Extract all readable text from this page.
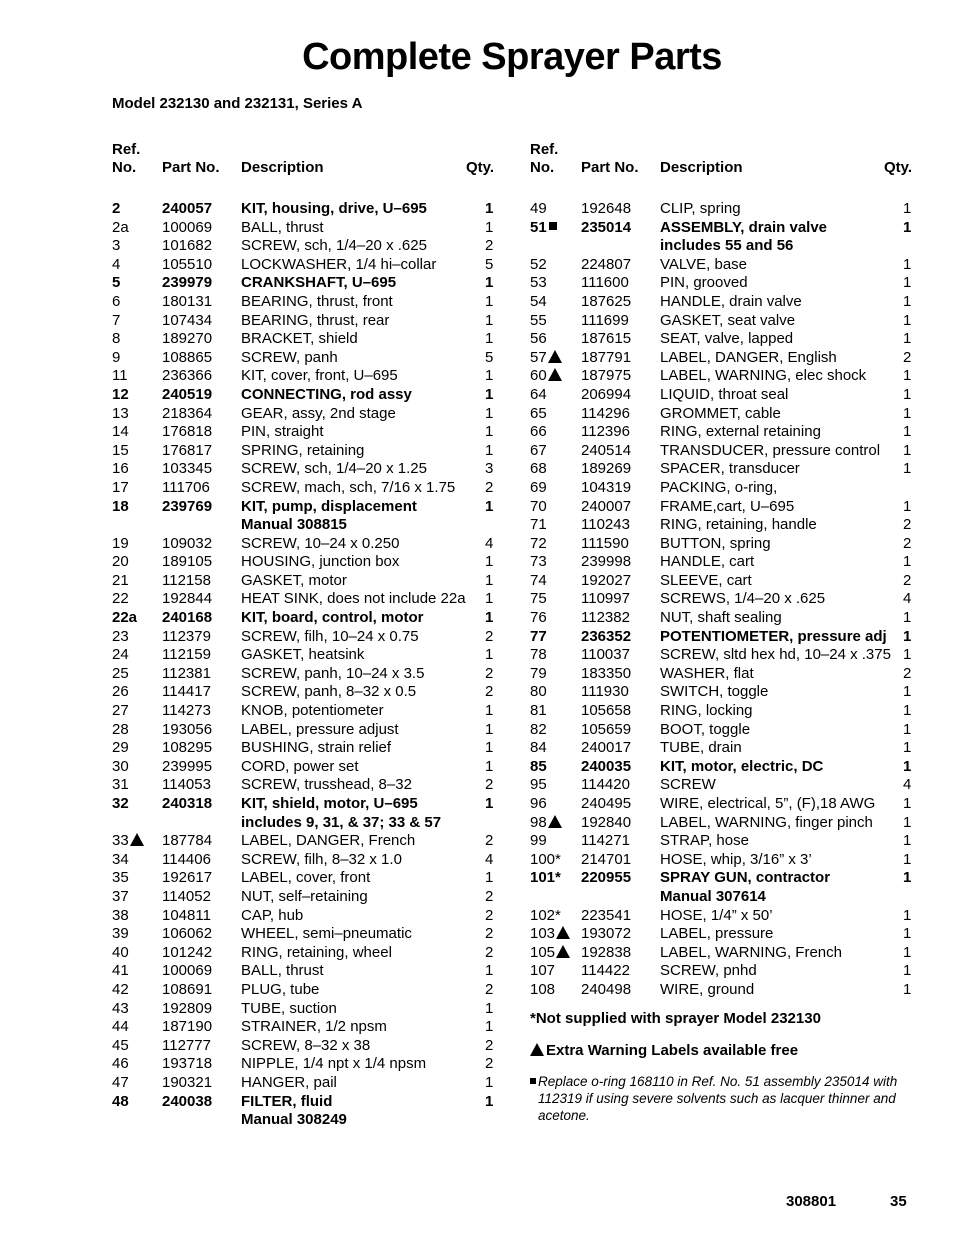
Complete Sprayer Parts
Model 232130 and 232131, Series A
Ref.
No. Part No. Description	Qty.
2	240057 KIT, housing, drive, U–695	1
2a 100069 BALL, thrust	1
3	101682 SCREW, sch, 1/4–20 x .625	2
4	105510 LOCKWASHER, 1/4 hi–collar	5
5	239979 CRANKSHAFT, U–695	1
6	180131 BEARING, thrust, front	1
7	107434 BEARING, thrust, rear	1
8	189270 BRACKET, shield	1
9	108865 SCREW, panh	5
11 236366 KIT, cover, front, U–695	1
12 240519 CONNECTING, rod assy	1
13 218364 GEAR, assy, 2nd stage	1
14 176818 PIN, straight	1
15 176817 SPRING, retaining	1
16 103345 SCREW, sch, 1/4–20 x 1.25	3
17 111706 SCREW, mach, sch, 7/16 x 1.75 2
18 239769 KIT, pump, displacement
Manual 308815
1
19 109032 SCREW, 10–24 x 0.250	4
20 189105 HOUSING, junction box	1
21 112158 GASKET, motor	1
22 192844 HEAT SINK, does not include 22a 1
22a 240168 KIT, board, control, motor	1
23 112379 SCREW, filh, 10–24 x 0.75	2
24 112159 GASKET, heatsink	1
25 112381 SCREW, panh, 10–24 x 3.5	2
26 114417 SCREW, panh, 8–32 x 0.5	2
27 114273 KNOB, potentiometer	1
28 193056 LABEL, pressure adjust	1
29 108295 BUSHING, strain relief	1
30 239995 CORD, power set	1
31 114053 SCREW, trusshead, 8–32	2
32 240318 KIT, shield, motor, U–695
includes 9, 31, & 37; 33 & 57
1
33	187784 LABEL, DANGER, French	2
34 114406 SCREW, filh, 8–32 x 1.0	4
35 192617 LABEL, cover, front	1
37 114052 NUT, self–retaining	2
38 104811 CAP, hub	2
39 106062 WHEEL, semi–pneumatic	2
40 101242 RING, retaining, wheel	2
41 100069 BALL, thrust	1
42 108691 PLUG, tube	2
43 192809 TUBE, suction	1
44 187190 STRAINER, 1/2 npsm	1
45 112777 SCREW, 8–32 x 38	2
46 193718 NIPPLE, 1/4 npt x 1/4 npsm	2
47 190321 HANGER, pail	1
48 240038 FILTER, fluid
Manual 308249
1
Ref.
No. Part No. Description	Qty.
49 192648 CLIP, spring	1
51	235014 ASSEMBLY, drain valve
includes 55 and 56
1
52 224807 VALVE, base	1
53 111600 PIN, grooved	1
54 187625 HANDLE, drain valve	1
55 111699 GASKET, seat valve	1
56 187615 SEAT, valve, lapped	1
57	187791 LABEL, DANGER, English	2
60	187975 LABEL, WARNING, elec shock 1
64 206994 LIQUID, throat seal	1
65 114296 GROMMET, cable	1
66 112396 RING, external retaining	1
67 240514 TRANSDUCER, pressure control 1
68 189269 SPACER, transducer	1
69 104319 PACKING, o-ring,
70 240007 FRAME,cart, U–695	1
71 110243 RING, retaining, handle	2
72 111590 BUTTON, spring	2
73 239998 HANDLE, cart	1
74 192027 SLEEVE, cart	2
75 110997 SCREWS, 1/4–20 x .625	4
76 112382 NUT, shaft sealing	1
77 236352 POTENTIOMETER, pressure adj 1
78 110037 SCREW, sltd hex hd, 10–24 x .375 1
79 183350 WASHER, flat	2
80 111930 SWITCH, toggle	1
81 105658 RING, locking	1
82 105659 BOOT, toggle	1
84 240017 TUBE, drain	1
85 240035 KIT, motor, electric, DC	1
95 114420 SCREW	4
96 240495 WIRE, electrical, 5”, (F),18 AWG 1
98	192840 LABEL, WARNING, finger pinch 1
99 114271 STRAP, hose	1
100* 214701 HOSE, whip, 3/16” x 3’	1
101* 220955 SPRAY GUN, contractor
Manual 307614
1
102* 223541 HOSE, 1/4” x 50’	1
103	193072 LABEL, pressure	1
105	192838 LABEL, WARNING, French	1
107 114422 SCREW, pnhd	1
108 240498 WIRE, ground	1
*Not supplied with sprayer Model 232130
Extra Warning Labels available free
Replace o-ring 168110 in Ref. No. 51 assembly 235014 with 112319 if using severe solvents such as lacquer thinner and acetone.
308801	35
